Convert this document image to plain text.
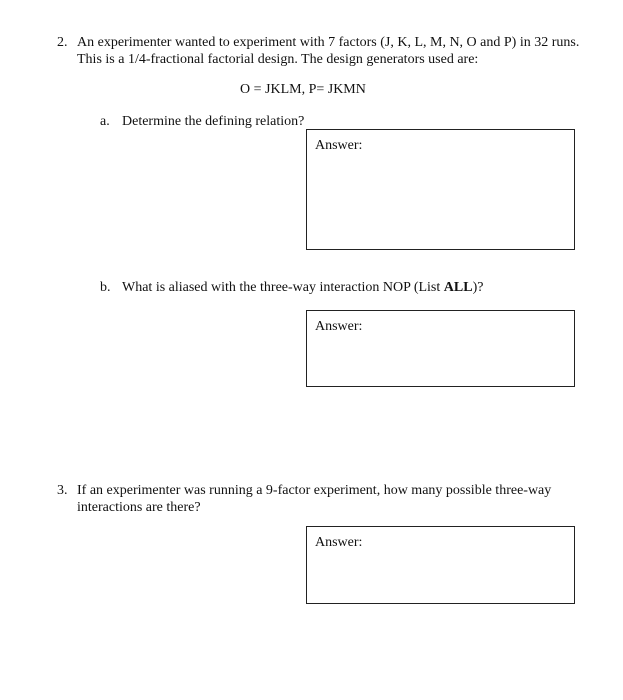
2. An experimenter wanted to experiment with 7 factors (J, K, L, M, N, O and P) in 32 runs.
This is a 1/4-fractional factorial design. The design generators used are:
O = JKLM, P= JKMN
a. Determine the defining relation?
Answer:
b. What is aliased with the three-way interaction NOP (List ALL)?
Answer:
3. If an experimenter was running a 9-factor experiment, how many possible three-way
interactions are there?
Answer:
